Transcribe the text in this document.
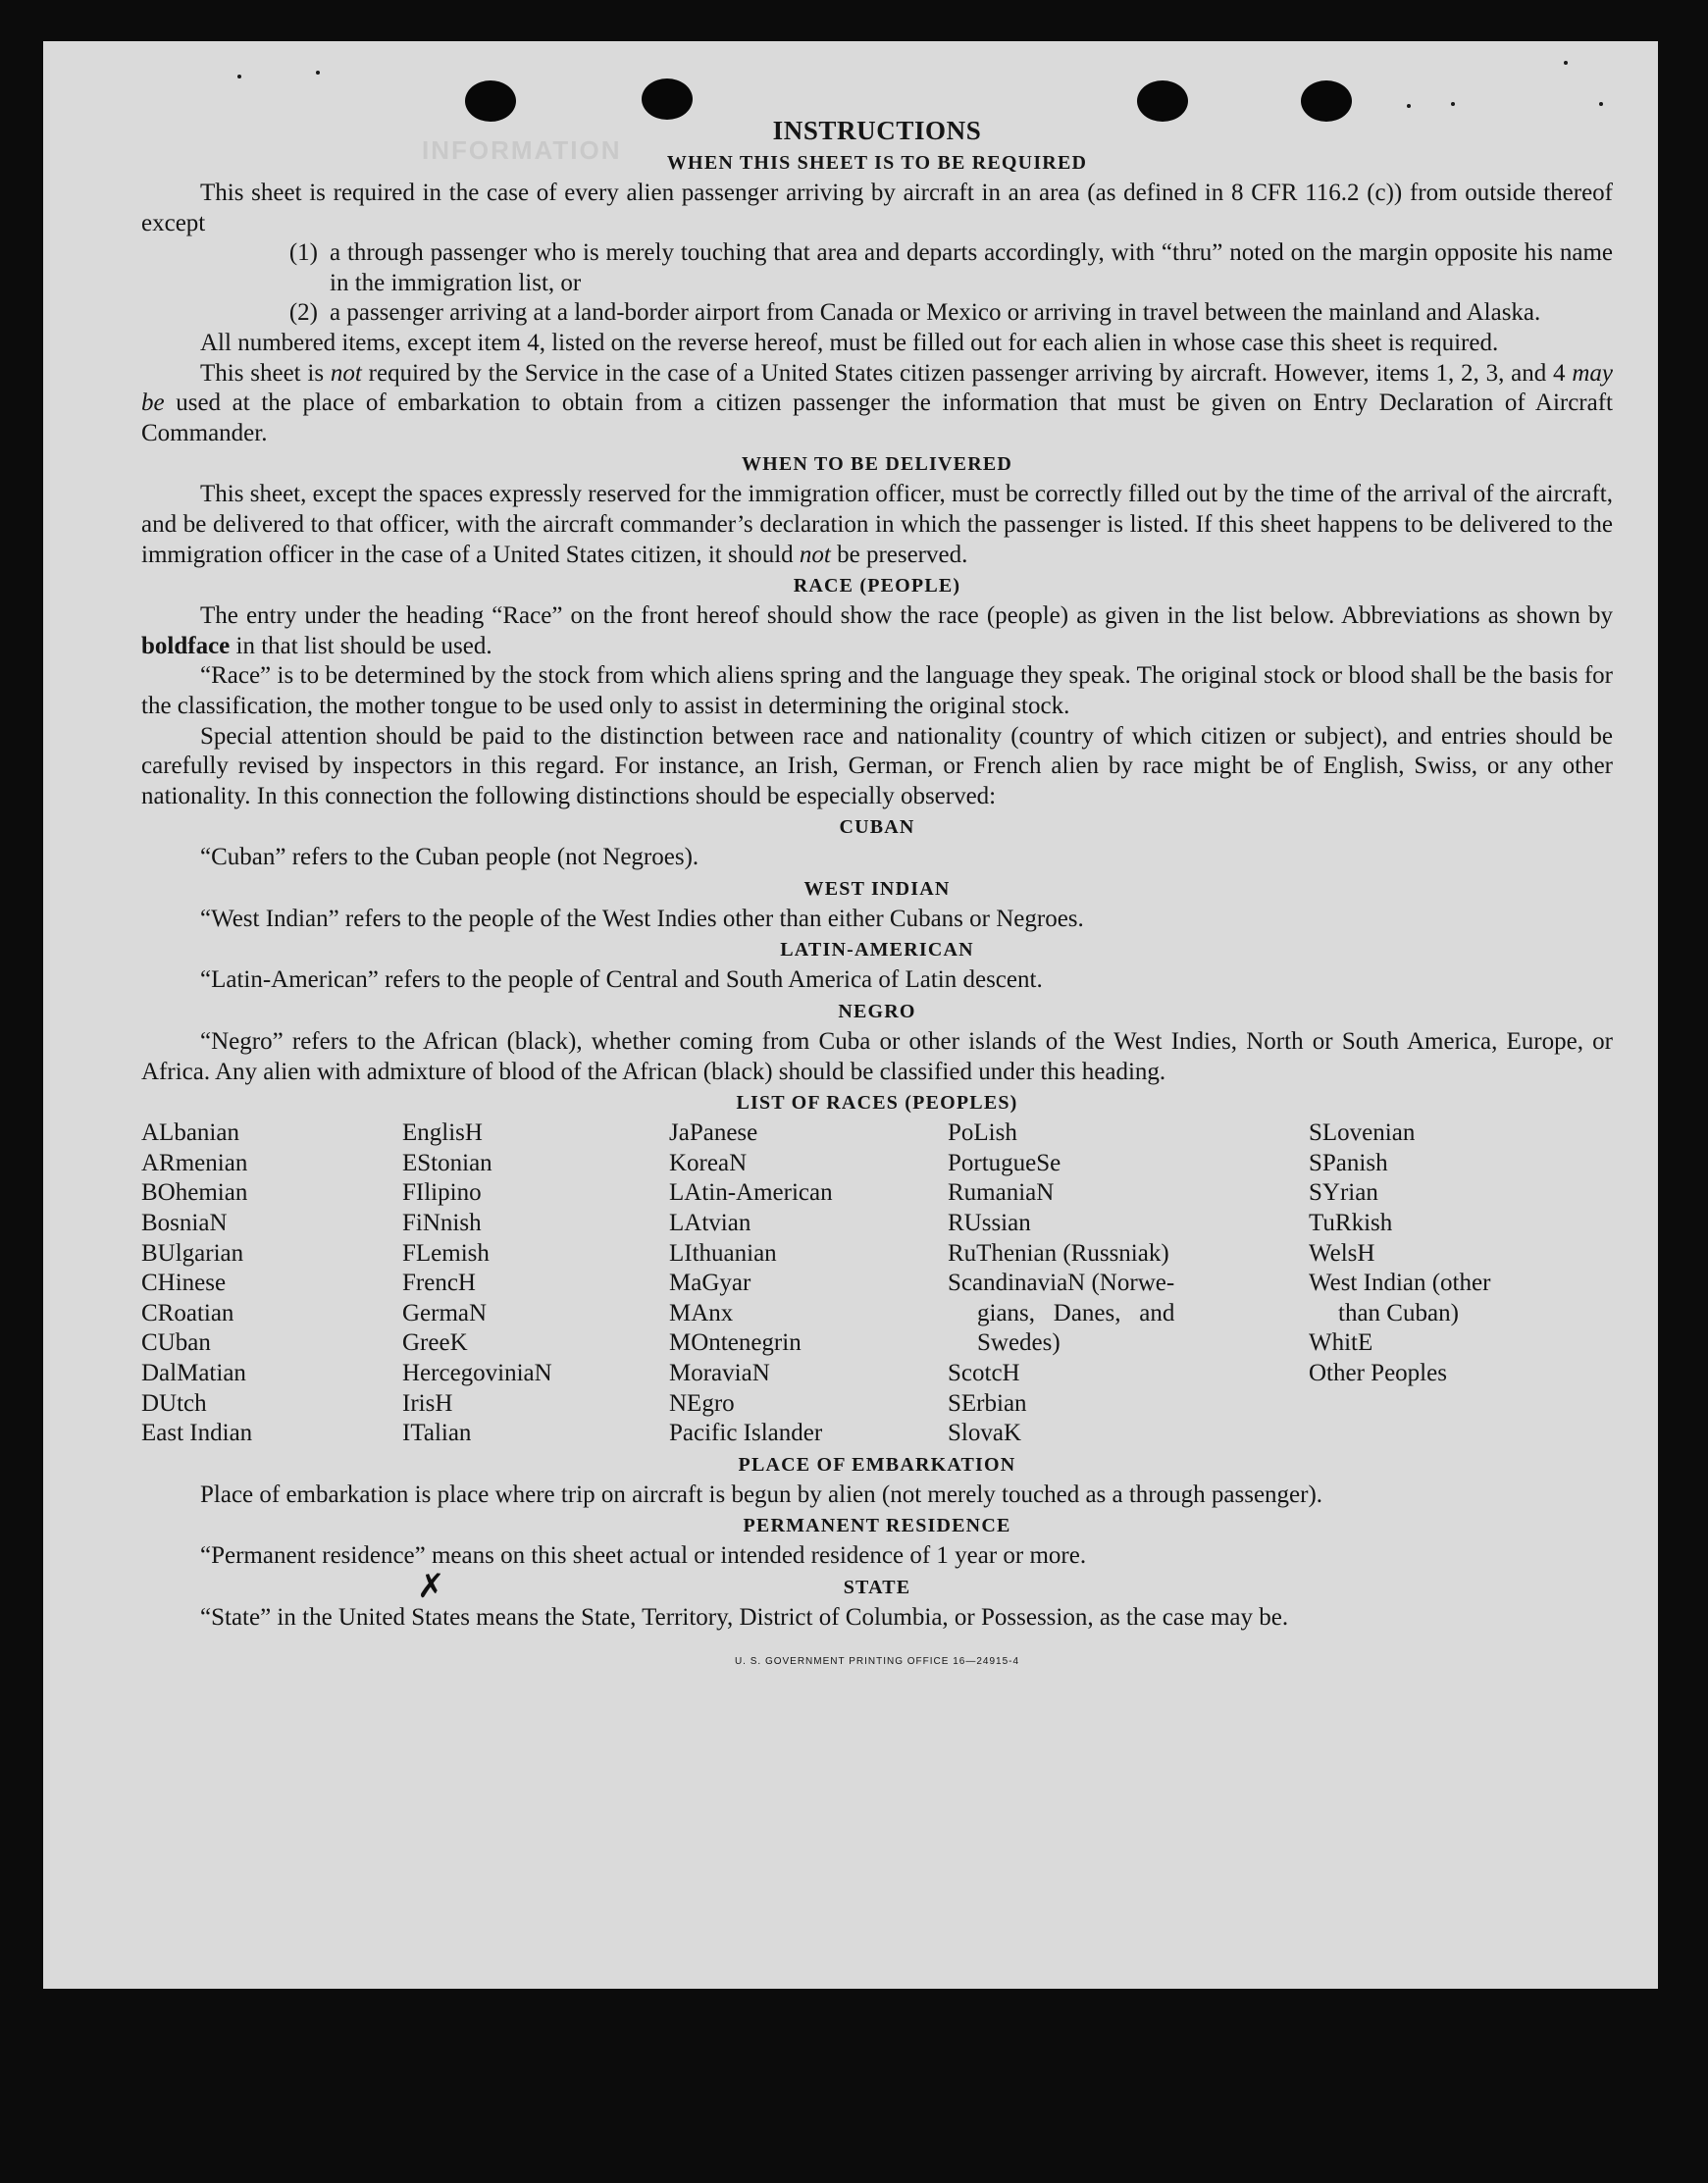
INFORMATION
INSTRUCTIONS
WHEN THIS SHEET IS TO BE REQUIRED

This sheet is required in the case of every alien passenger arriving by aircraft in an area (as defined in 8 CFR 116.2 (c)) from outside thereof except

(1) a through passenger who is merely touching that area and departs accordingly, with “thru” noted on the margin opposite his name in the immigration list, or
(2) a passenger arriving at a land-border airport from Canada or Mexico or arriving in travel between the mainland and Alaska.

All numbered items, except item 4, listed on the reverse hereof, must be filled out for each alien in whose case this sheet is required.

This sheet is not required by the Service in the case of a United States citizen passenger arriving by aircraft. However, items 1, 2, 3, and 4 may be used at the place of embarkation to obtain from a citizen passenger the information that must be given on Entry Declaration of Aircraft Commander.

WHEN TO BE DELIVERED

This sheet, except the spaces expressly reserved for the immigration officer, must be correctly filled out by the time of the arrival of the aircraft, and be delivered to that officer, with the aircraft commander’s declaration in which the passenger is listed. If this sheet happens to be delivered to the immigration officer in the case of a United States citizen, it should not be preserved.

RACE (PEOPLE)

The entry under the heading “Race” on the front hereof should show the race (people) as given in the list below. Abbreviations as shown by boldface in that list should be used.

“Race” is to be determined by the stock from which aliens spring and the language they speak. The original stock or blood shall be the basis for the classification, the mother tongue to be used only to assist in determining the original stock.

Special attention should be paid to the distinction between race and nationality (country of which citizen or subject), and entries should be carefully revised by inspectors in this regard. For instance, an Irish, German, or French alien by race might be of English, Swiss, or any other nationality. In this connection the following distinctions should be especially observed:

CUBAN

“Cuban” refers to the Cuban people (not Negroes).

WEST INDIAN

“West Indian” refers to the people of the West Indies other than either Cubans or Negroes.

LATIN-AMERICAN

“Latin-American” refers to the people of Central and South America of Latin descent.

NEGRO

“Negro” refers to the African (black), whether coming from Cuba or other islands of the West Indies, North or South America, Europe, or Africa. Any alien with admixture of blood of the African (black) should be classified under this heading.

LIST OF RACES (PEOPLES)
ALbanian
ARmenian
BOhemian
BosniaN
BUlgarian
CHinese
CRoatian
CUban
DalMatian
DUtch
East Indian
EnglisH
EStonian
FIlipino
FiNnish
FLemish
FrencH
GermaN
GreeK
HercegoviniaN
IrisH
ITalian
JaPanese
KoreaN
LAtin-American
LAtvian
LIthuanian
MaGyar
MAnx
MOntenegrin
MoraviaN
NEgro
Pacific Islander
PoLish
PortugueSe
RumaniaN
RUssian
RuThenian (Russniak)
ScandinaviaN (Norwe-
gians,   Danes,   and
Swedes)
ScotcH
SErbian
SlovaK
SLovenian
SPanish
SYrian
TuRkish
WelsH
West Indian (other
than Cuban)
WhitE
Other Peoples
PLACE OF EMBARKATION

Place of embarkation is place where trip on aircraft is begun by alien (not merely touched as a through passenger).

PERMANENT RESIDENCE

“Permanent residence” means on this sheet actual or intended residence of 1 year or more.

STATE

“State” in the United States means the State, Territory, District of Columbia, or Possession, as the case may be.

U. S. GOVERNMENT PRINTING OFFICE 16—24915-4
✗
